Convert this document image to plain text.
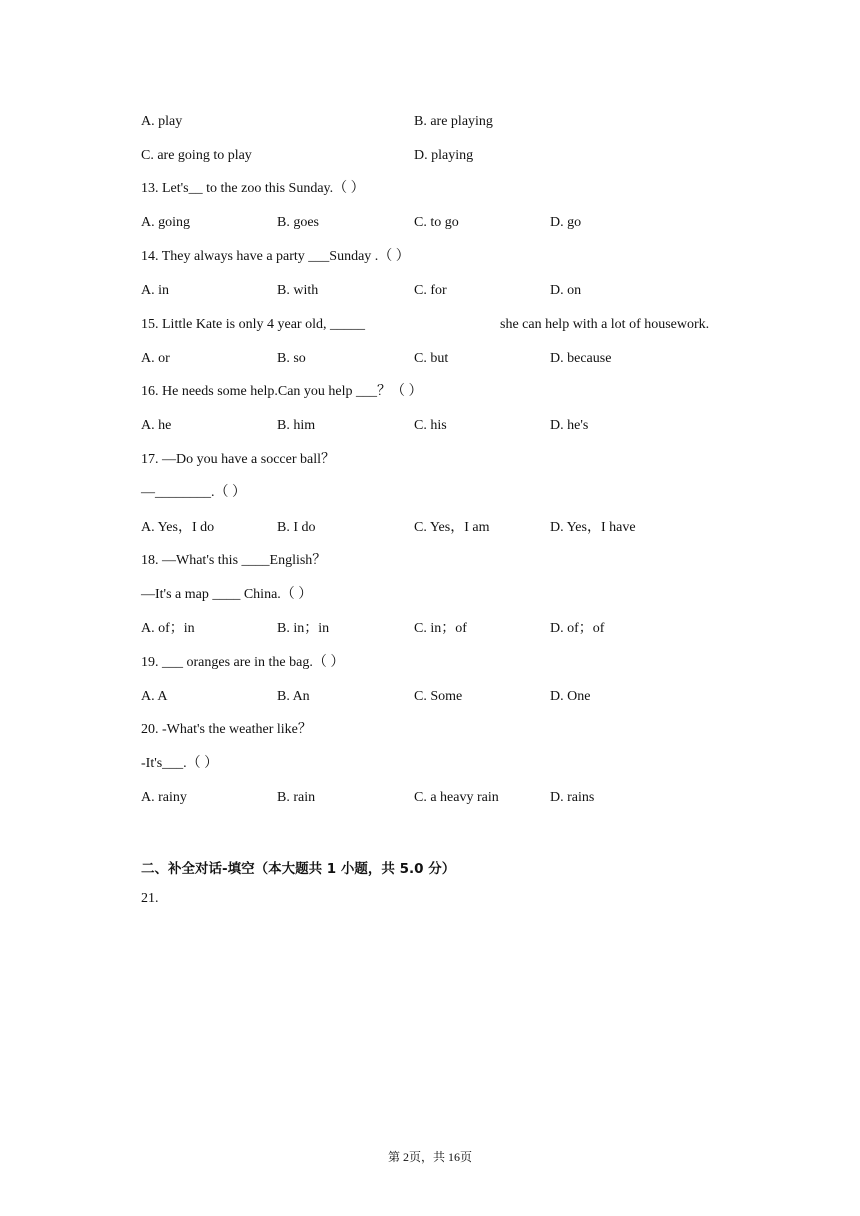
A. play	B. are playing
C. are going to play	D. playing
13. Let's__ to the zoo this Sunday.（ ）
A. going	B. goes	C. to go	D. go
14. They always have a party ___Sunday .（ ）
A. in	B. with	C. for	D. on
15. Little Kate is only 4 year old, _____	she can help with a lot of housework.
A. or	B. so	C. but	D. because
16. He needs some help.Can you help ___？（ ）
A. he	B. him	C. his	D. he's
17. —Do you have a soccer ball？
—________.（ ）
A. Yes，I do	B. I do	C. Yes，I am	D. Yes，I have
18. —What's this ____English？
—It's a map ____ China.（ ）
A. of；in	B. in；in	C. in；of	D. of；of
19. ___ oranges are in the bag.（ ）
A. A	B. An	C. Some	D. One
20. -What's the weather like？
-It's___.（ ）
A. rainy	B. rain	C. a heavy rain	D. rains
二、补全对话-填空（本大题共 1 小题，共 5.0 分）
21.
第 2页，共 16页
